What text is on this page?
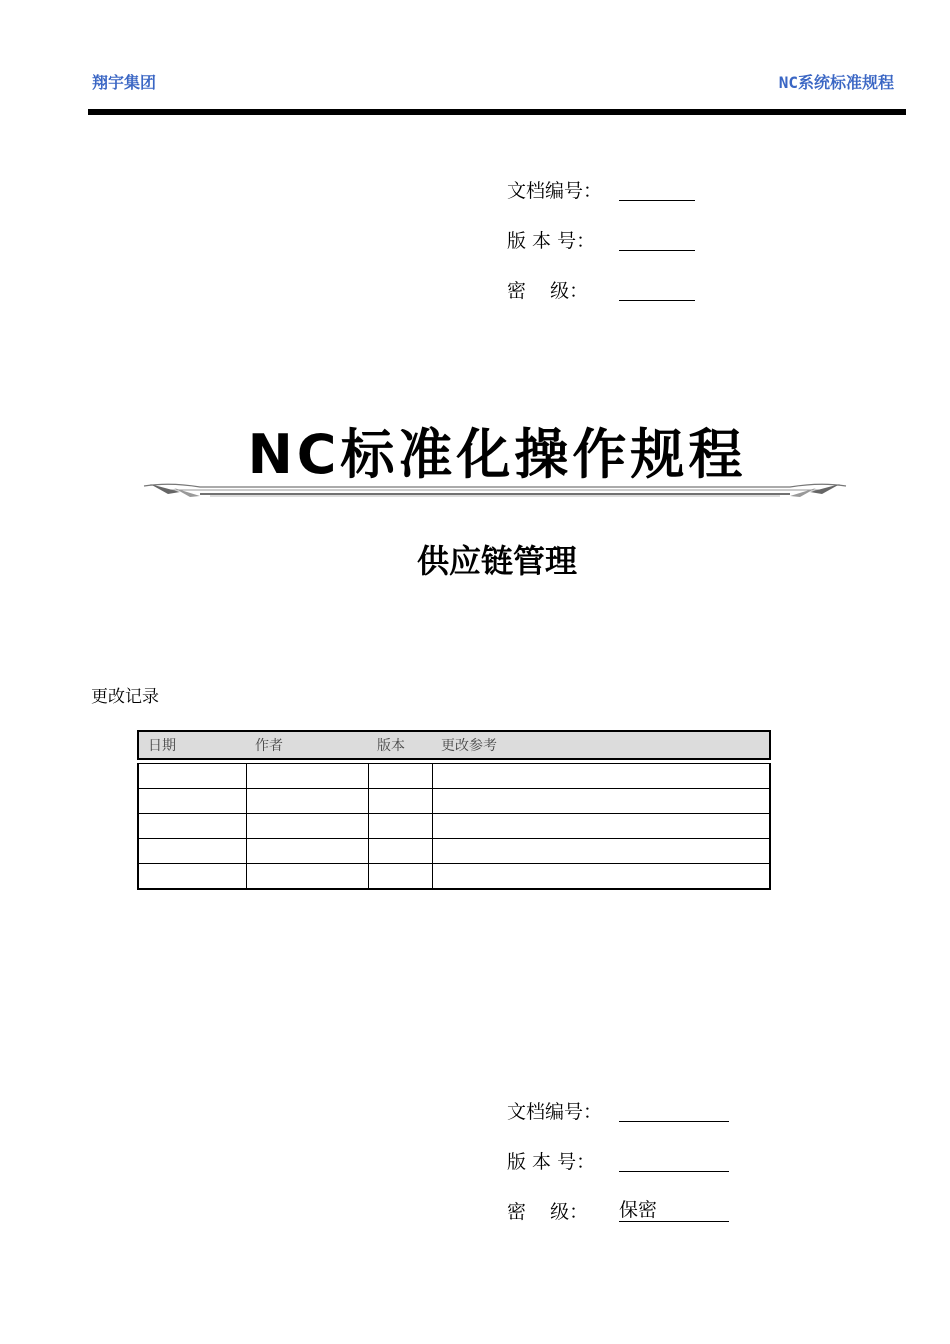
翔宇集团	NC系统标准规程
文档编号：
版 本 号：
密    级：
NC标准化操作规程
供应链管理
更改记录
日期	作者	版本	更改参考

文档编号：
版 本 号：
密    级：	保密
